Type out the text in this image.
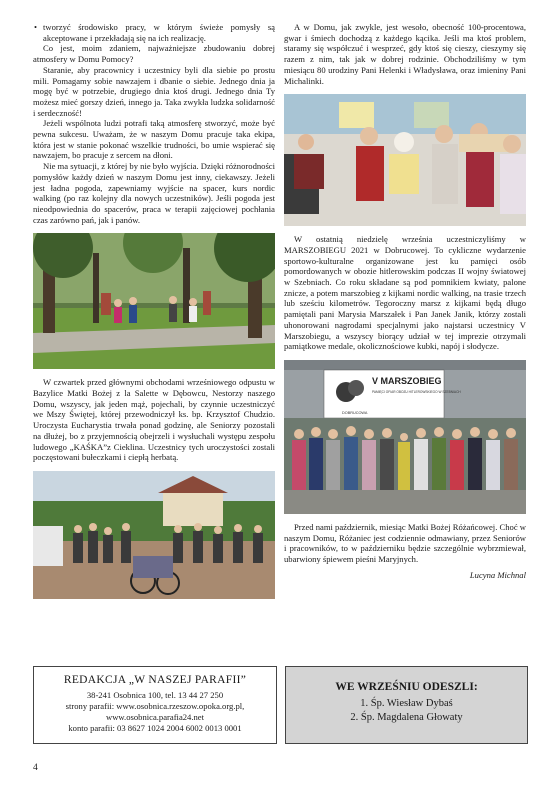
• tworzyć środowisko pracy, w którym świeże pomysły są akceptowane i przekładają się na ich realizację.

Co jest, moim zdaniem, najważniejsze zbudowaniu dobrej atmosfery w Domu Pomocy?

Staranie, aby pracownicy i uczestnicy byli dla siebie po prostu mili. Pomagamy sobie nawzajem i dbanie o siebie. Jednego dnia ja mogę być w potrzebie, drugiego dnia ktoś drugi. Jednego dnia Ty możesz mieć gorszy dzień, innego ja. Taka zwykła ludzka solidarność i serdeczność!

Jeżeli wspólnota ludzi potrafi taką atmosferę stworzyć, może być pewna sukcesu. Uważam, że w naszym Domu pracuje taka ekipa, która jest w stanie pokonać wszelkie trudności, bo umie wspierać się nawzajem, bo pracuje z sercem na dłoni.

Nie ma sytuacji, z której by nie było wyjścia. Dzięki różnorodności pomysłów każdy dzień w naszym Domu jest inny, ciekawszy. Jeżeli jest ładna pogoda, zapewniamy wyjście na spacer, kurs nordic walking (po raz kolejny dla nowych uczestników). Jeśli pogoda jest nieodpowiednia do spacerów, praca w terapii zajęciowej pochłania czas zarówno pań, jak i panów.

W czwartek przed głównymi obchodami wrześniowego odpustu w Bazylice Matki Bożej z la Salette w Dębowcu, Nestorzy naszego Domu, wszyscy, jak jeden mąż, pojechali, by czynnie uczestniczyć we Mszy Świętej, której przewodniczył ks. bp. Krzysztof Chudzio. Uroczysta Eucharystia trwała ponad godzinę, ale Seniorzy pozostali na dłużej, bo z przyjemnością obejrzeli i wysłuchali występu zespołu ludowego „KAŚKA”z Cieklina. Uczestnicy tych uroczystości zostali poczęstowani bułeczkami i ciepłą herbatą.

A w Domu, jak zwykle, jest wesoło, obecność 100-procentowa, gwar i śmiech dochodzą z każdego kącika. Jeśli ma ktoś problem, staramy się współczuć i wesprzeć, gdy ktoś się cieszy, cieszymy się razem z nim, tak jak w dobrej rodzinie. Obchodziliśmy w tym miesiącu 80 urodziny Pani Helenki i Władysława, oraz imieniny Pani Michalinki.

W ostatnią niedzielę września uczestniczyliśmy w MARSZOBIEGU 2021 w Dobrucowej. To cykliczne wydarzenie sportowo-kulturalne organizowane jest ku pamięci osób pomordowanych w obozie hitlerowskim podczas II wojny światowej w Szebniach. Co roku składane są pod pomnikiem kwiaty, palone znicze, a potem marszobieg z kijkami nordic walking, na trasie trzech lub sześciu kilometrów. Tegoroczny marsz z kijkami będą długo pamiętali pani Marysia Marszałek i Pan Janek Janik, którzy zostali uhonorowani nagrodami specjalnymi jako najstarsi uczestnicy V Marszobiegu, a wszyscy biorący udział w tej imprezie otrzymali pamiątkowe medale, okolicznościowe kubki, napój i słodycze.

V MARSZOBIEG
PAMIĘCI OFIAR OBOZU HITLEROWSKIEGO W SZEBNIACH
DOBRUCOWA

Przed nami październik, miesiąc Matki Bożej Różańcowej. Choć w naszym Domu, Różaniec jest codziennie odmawiany, przez Seniorów i pracowników, to w październiku będzie szczególnie wybrzmiewał, ubarwiony śpiewem pieśni Maryjnych.

Lucyna Michnal
REDAKCJA „W NASZEJ PARAFII”
38-241 Osobnica 100, tel. 13 44 27 250
strony parafii: www.osobnica.rzeszow.opoka.org.pl,
www.osobnica.parafia24.net
konto parafii: 03 8627 1024 2004 6002 0013 0001
WE WRZEŚNIU ODESZLI:
1. Śp. Wiesław Dybaś
2. Śp. Magdalena Głowaty
4
